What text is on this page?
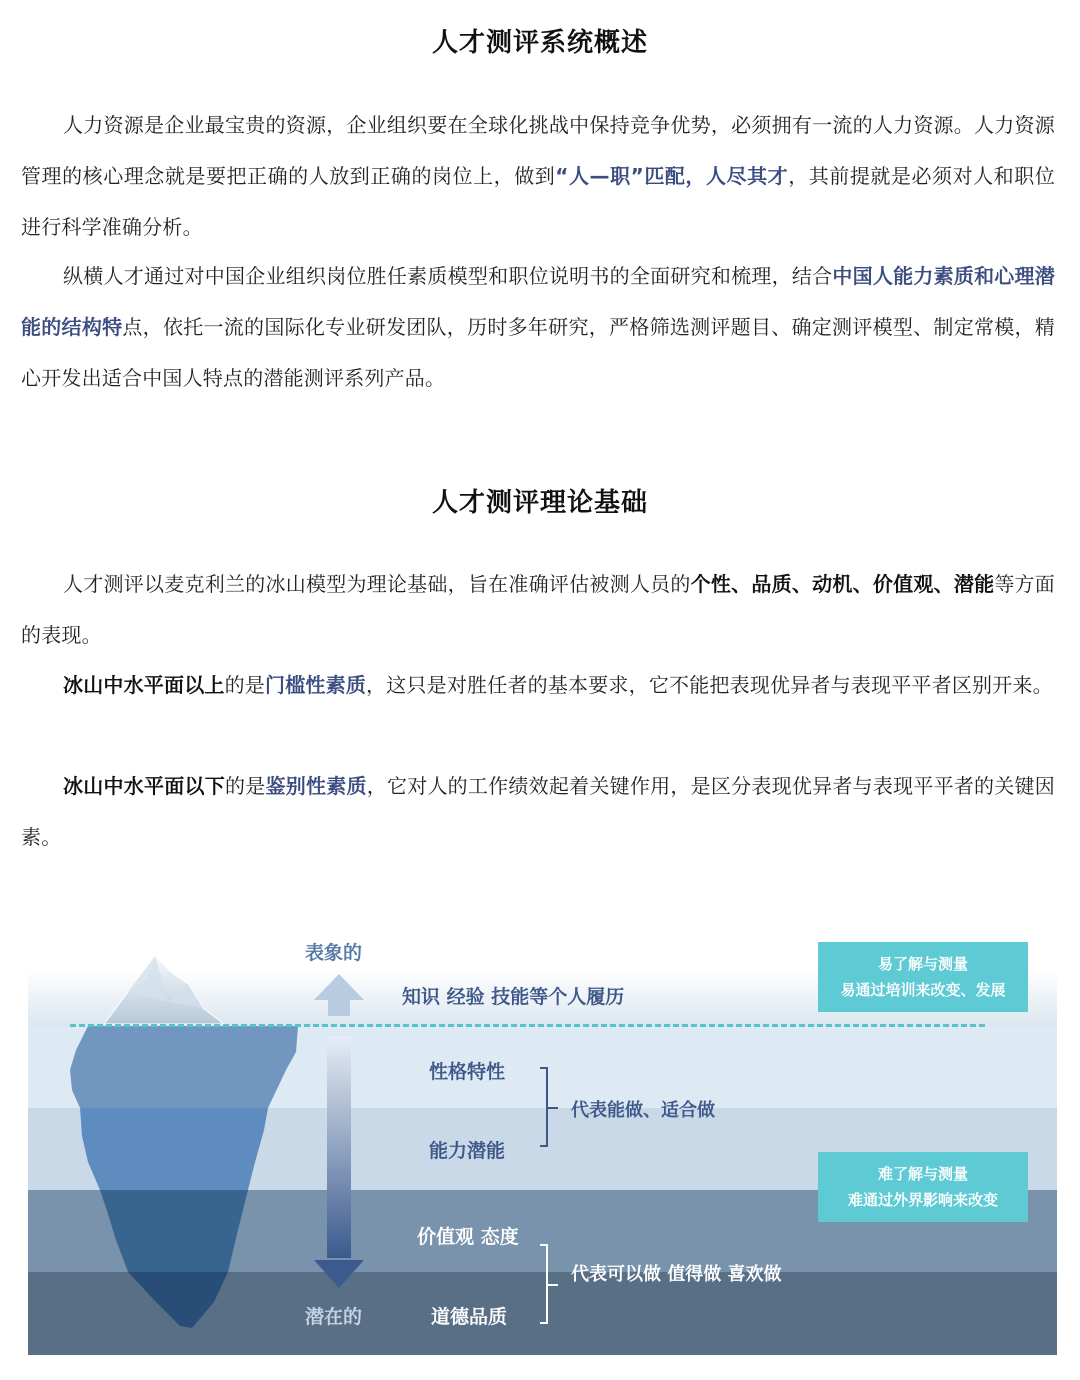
人才测评系统概述

人力资源是企业最宝贵的资源，企业组织要在全球化挑战中保持竞争优势，必须拥有一流的人力资源。人力资源管理的核心理念就是要把正确的人放到正确的岗位上，做到“人—职”匹配，人尽其才，其前提就是必须对人和职位进行科学准确分析。

纵横人才通过对中国企业组织岗位胜任素质模型和职位说明书的全面研究和梳理，结合中国人能力素质和心理潜能的结构特点，依托一流的国际化专业研发团队，历时多年研究，严格筛选测评题目、确定测评模型、制定常模，精心开发出适合中国人特点的潜能测评系列产品。

人才测评理论基础

人才测评以麦克利兰的冰山模型为理论基础，旨在准确评估被测人员的个性、品质、动机、价值观、潜能等方面的表现。

冰山中水平面以上的是门槛性素质，这只是对胜任者的基本要求，它不能把表现优异者与表现平平者区别开来。

冰山中水平面以下的是鉴别性素质，它对人的工作绩效起着关键作用，是区分表现优异者与表现平平者的关键因素。

表象的
潜在的
知识 经验 技能等个人履历
性格特性
能力潜能
代表能做、适合做
价值观 态度
道德品质
代表可以做 值得做 喜欢做
易了解与测量
易通过培训来改变、发展
难了解与测量
难通过外界影响来改变
